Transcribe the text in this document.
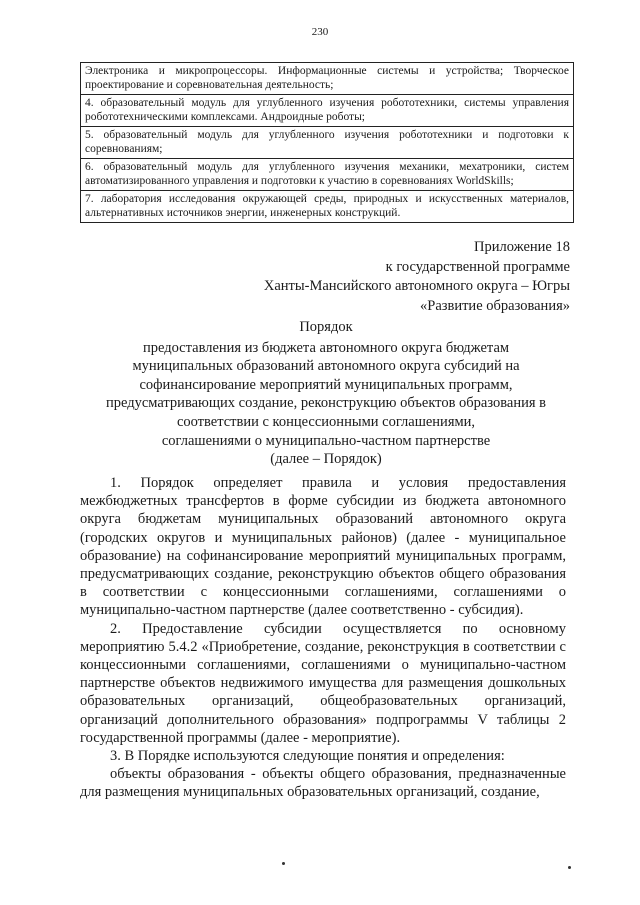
230
Электроника и микропроцессоры. Информационные системы и устройства; Творческое проектирование и соревновательная деятельность;
4. образовательный модуль для углубленного изучения робототехники, системы управления робототехническими комплексами. Андроидные роботы;
5. образовательный модуль для углубленного изучения робототехники и подготовки к соревнованиям;
6. образовательный модуль для углубленного изучения механики, мехатроники, систем автоматизированного управления и подготовки к участию в соревнованиях WorldSkills;
7. лаборатория исследования окружающей среды, природных и искусственных материалов, альтернативных источников энергии, инженерных конструкций.
Приложение 18
к государственной программе
Ханты-Мансийского автономного округа – Югры
«Развитие образования»
Порядок
предоставления из бюджета автономного округа бюджетам
муниципальных образований автономного округа субсидий на
софинансирование мероприятий муниципальных программ,
предусматривающих создание, реконструкцию объектов образования в
соответствии с концессионными соглашениями,
соглашениями о муниципально-частном партнерстве
(далее – Порядок)

1. Порядок определяет правила и условия предоставления межбюджетных трансфертов в форме субсидии из бюджета автономного округа бюджетам муниципальных образований автономного округа (городских округов и муниципальных районов) (далее - муниципальное образование) на софинансирование мероприятий муниципальных программ, предусматривающих создание, реконструкцию объектов общего образования в соответствии с концессионными соглашениями, соглашениями о муниципально-частном партнерстве (далее соответственно - субсидия).

2. Предоставление субсидии осуществляется по основному мероприятию 5.4.2 «Приобретение, создание, реконструкция в соответствии с концессионными соглашениями, соглашениями о муниципально-частном партнерстве объектов недвижимого имущества для размещения дошкольных образовательных организаций, общеобразовательных организаций, организаций дополнительного образования» подпрограммы V таблицы 2 государственной программы (далее - мероприятие).

3. В Порядке используются следующие понятия и определения:

объекты образования - объекты общего образования, предназначенные для размещения муниципальных образовательных организаций, создание,
